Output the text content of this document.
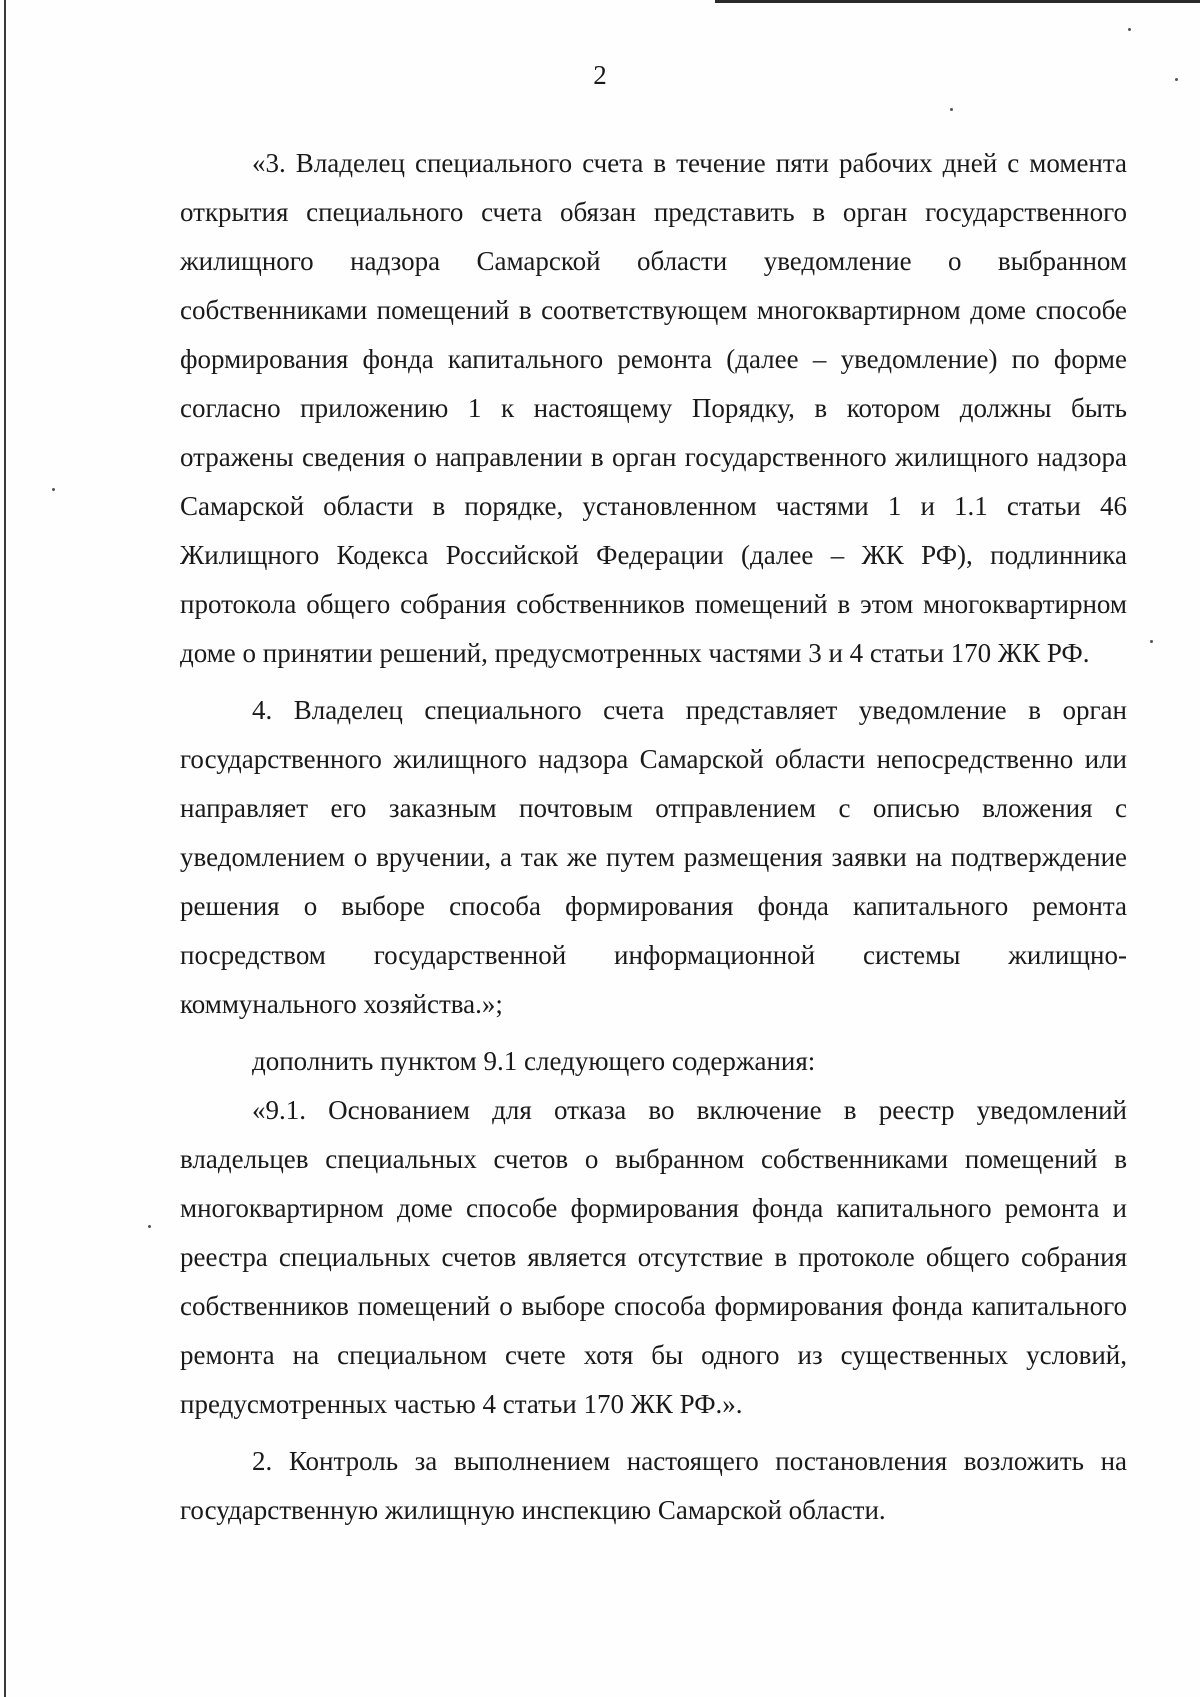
2

«3. Владелец специального счета в течение пяти рабочих дней с момента открытия специального счета обязан представить в орган государственного жилищного надзора Самарской области уведомление о выбранном собственниками помещений в соответствующем многоквартирном доме способе формирования фонда капитального ремонта (далее – уведомление) по форме согласно приложению 1 к настоящему Порядку, в котором должны быть отражены сведения о направлении в орган государственного жилищного надзора Самарской области в порядке, установленном частями 1 и 1.1 статьи 46 Жилищного Кодекса Российской Федерации (далее – ЖК РФ), подлинника протокола общего собрания собственников помещений в этом многоквартирном доме о принятии решений, предусмотренных частями 3 и 4 статьи 170 ЖК РФ.

4. Владелец специального счета представляет уведомление в орган государственного жилищного надзора Самарской области непосредственно или направляет его заказным почтовым отправлением с описью вложения с уведомлением о вручении, а так же путем размещения заявки на подтверждение решения о выборе способа формирования фонда капитального ремонта посредством государственной информационной системы жилищно-коммунального хозяйства.»;

дополнить пунктом 9.1 следующего содержания:

«9.1. Основанием для отказа во включение в реестр уведомлений владельцев специальных счетов о выбранном собственниками помещений в многоквартирном доме способе формирования фонда капитального ремонта и реестра специальных счетов является отсутствие в протоколе общего собрания собственников помещений о выборе способа формирования фонда капитального ремонта на специальном счете хотя бы одного из существенных условий, предусмотренных частью 4 статьи 170 ЖК РФ.».

2. Контроль за выполнением настоящего постановления возложить на государственную жилищную инспекцию Самарской области.
